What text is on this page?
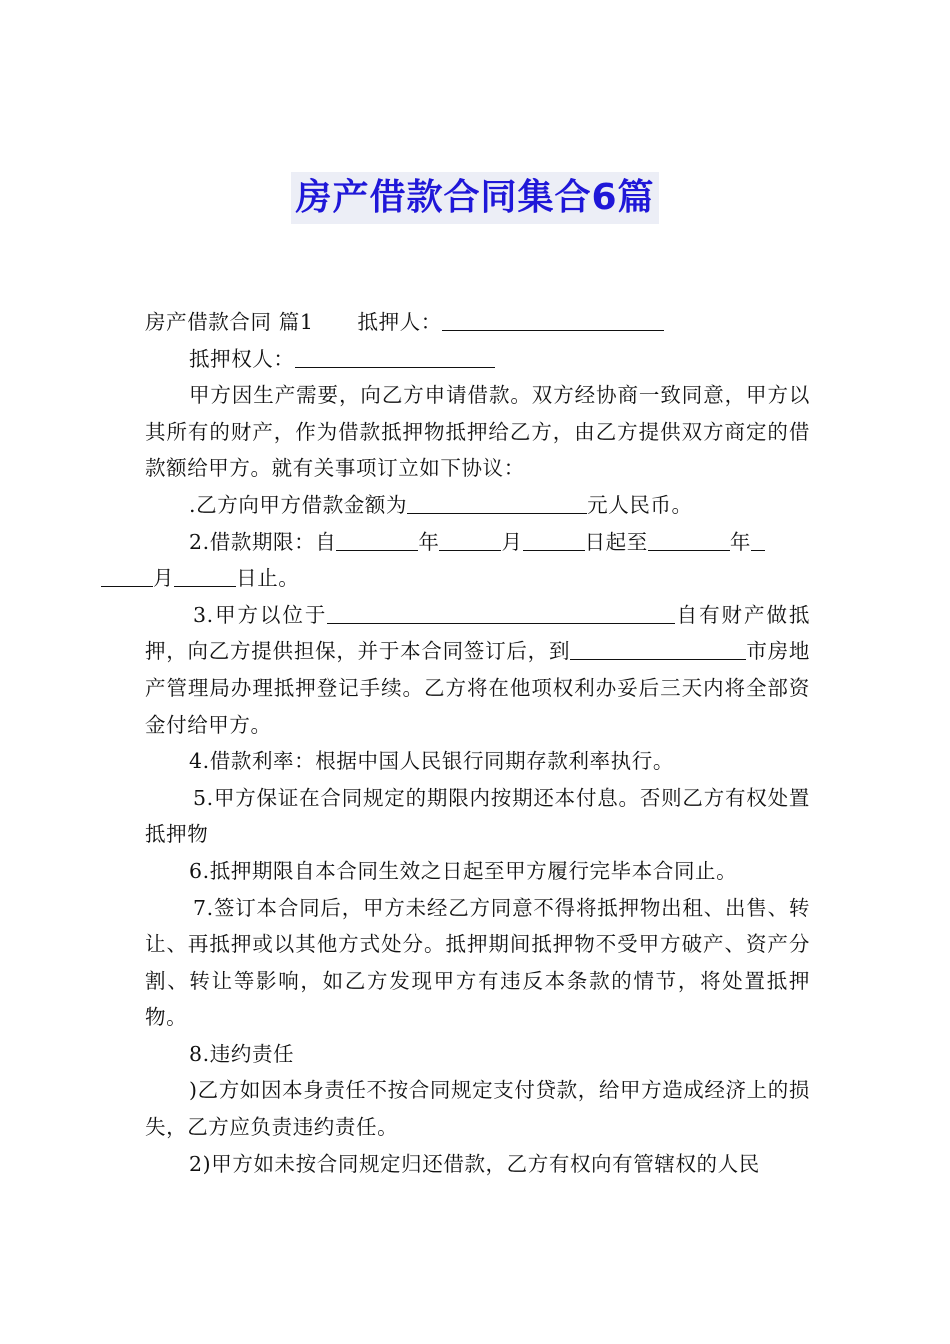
房产借款合同集合6篇

房产借款合同 篇1 抵押人：

抵押权人：

甲方因生产需要，向乙方申请借款。双方经协商一致同意，甲方以其所有的财产，作为借款抵押物抵押给乙方，由乙方提供双方商定的借款额给甲方。就有关事项订立如下协议：

.乙方向甲方借款金额为	元人民币。

2.借款期限：自	年	月	日起至	年
月	日止。

3.甲方以位于	自有财产做抵押，向乙方提供担保，并于本合同签订后，到	市房地产管理局办理抵押登记手续。乙方将在他项权利办妥后三天内将全部资金付给甲方。

4.借款利率：根据中国人民银行同期存款利率执行。

5.甲方保证在合同规定的期限内按期还本付息。否则乙方有权处置抵押物

6.抵押期限自本合同生效之日起至甲方履行完毕本合同止。

7.签订本合同后，甲方未经乙方同意不得将抵押物出租、出售、转让、再抵押或以其他方式处分。抵押期间抵押物不受甲方破产、资产分割、转让等影响，如乙方发现甲方有违反本条款的情节，将处置抵押物。

8.违约责任

)乙方如因本身责任不按合同规定支付贷款，给甲方造成经济上的损失，乙方应负责违约责任。

2)甲方如未按合同规定归还借款，乙方有权向有管辖权的人民
